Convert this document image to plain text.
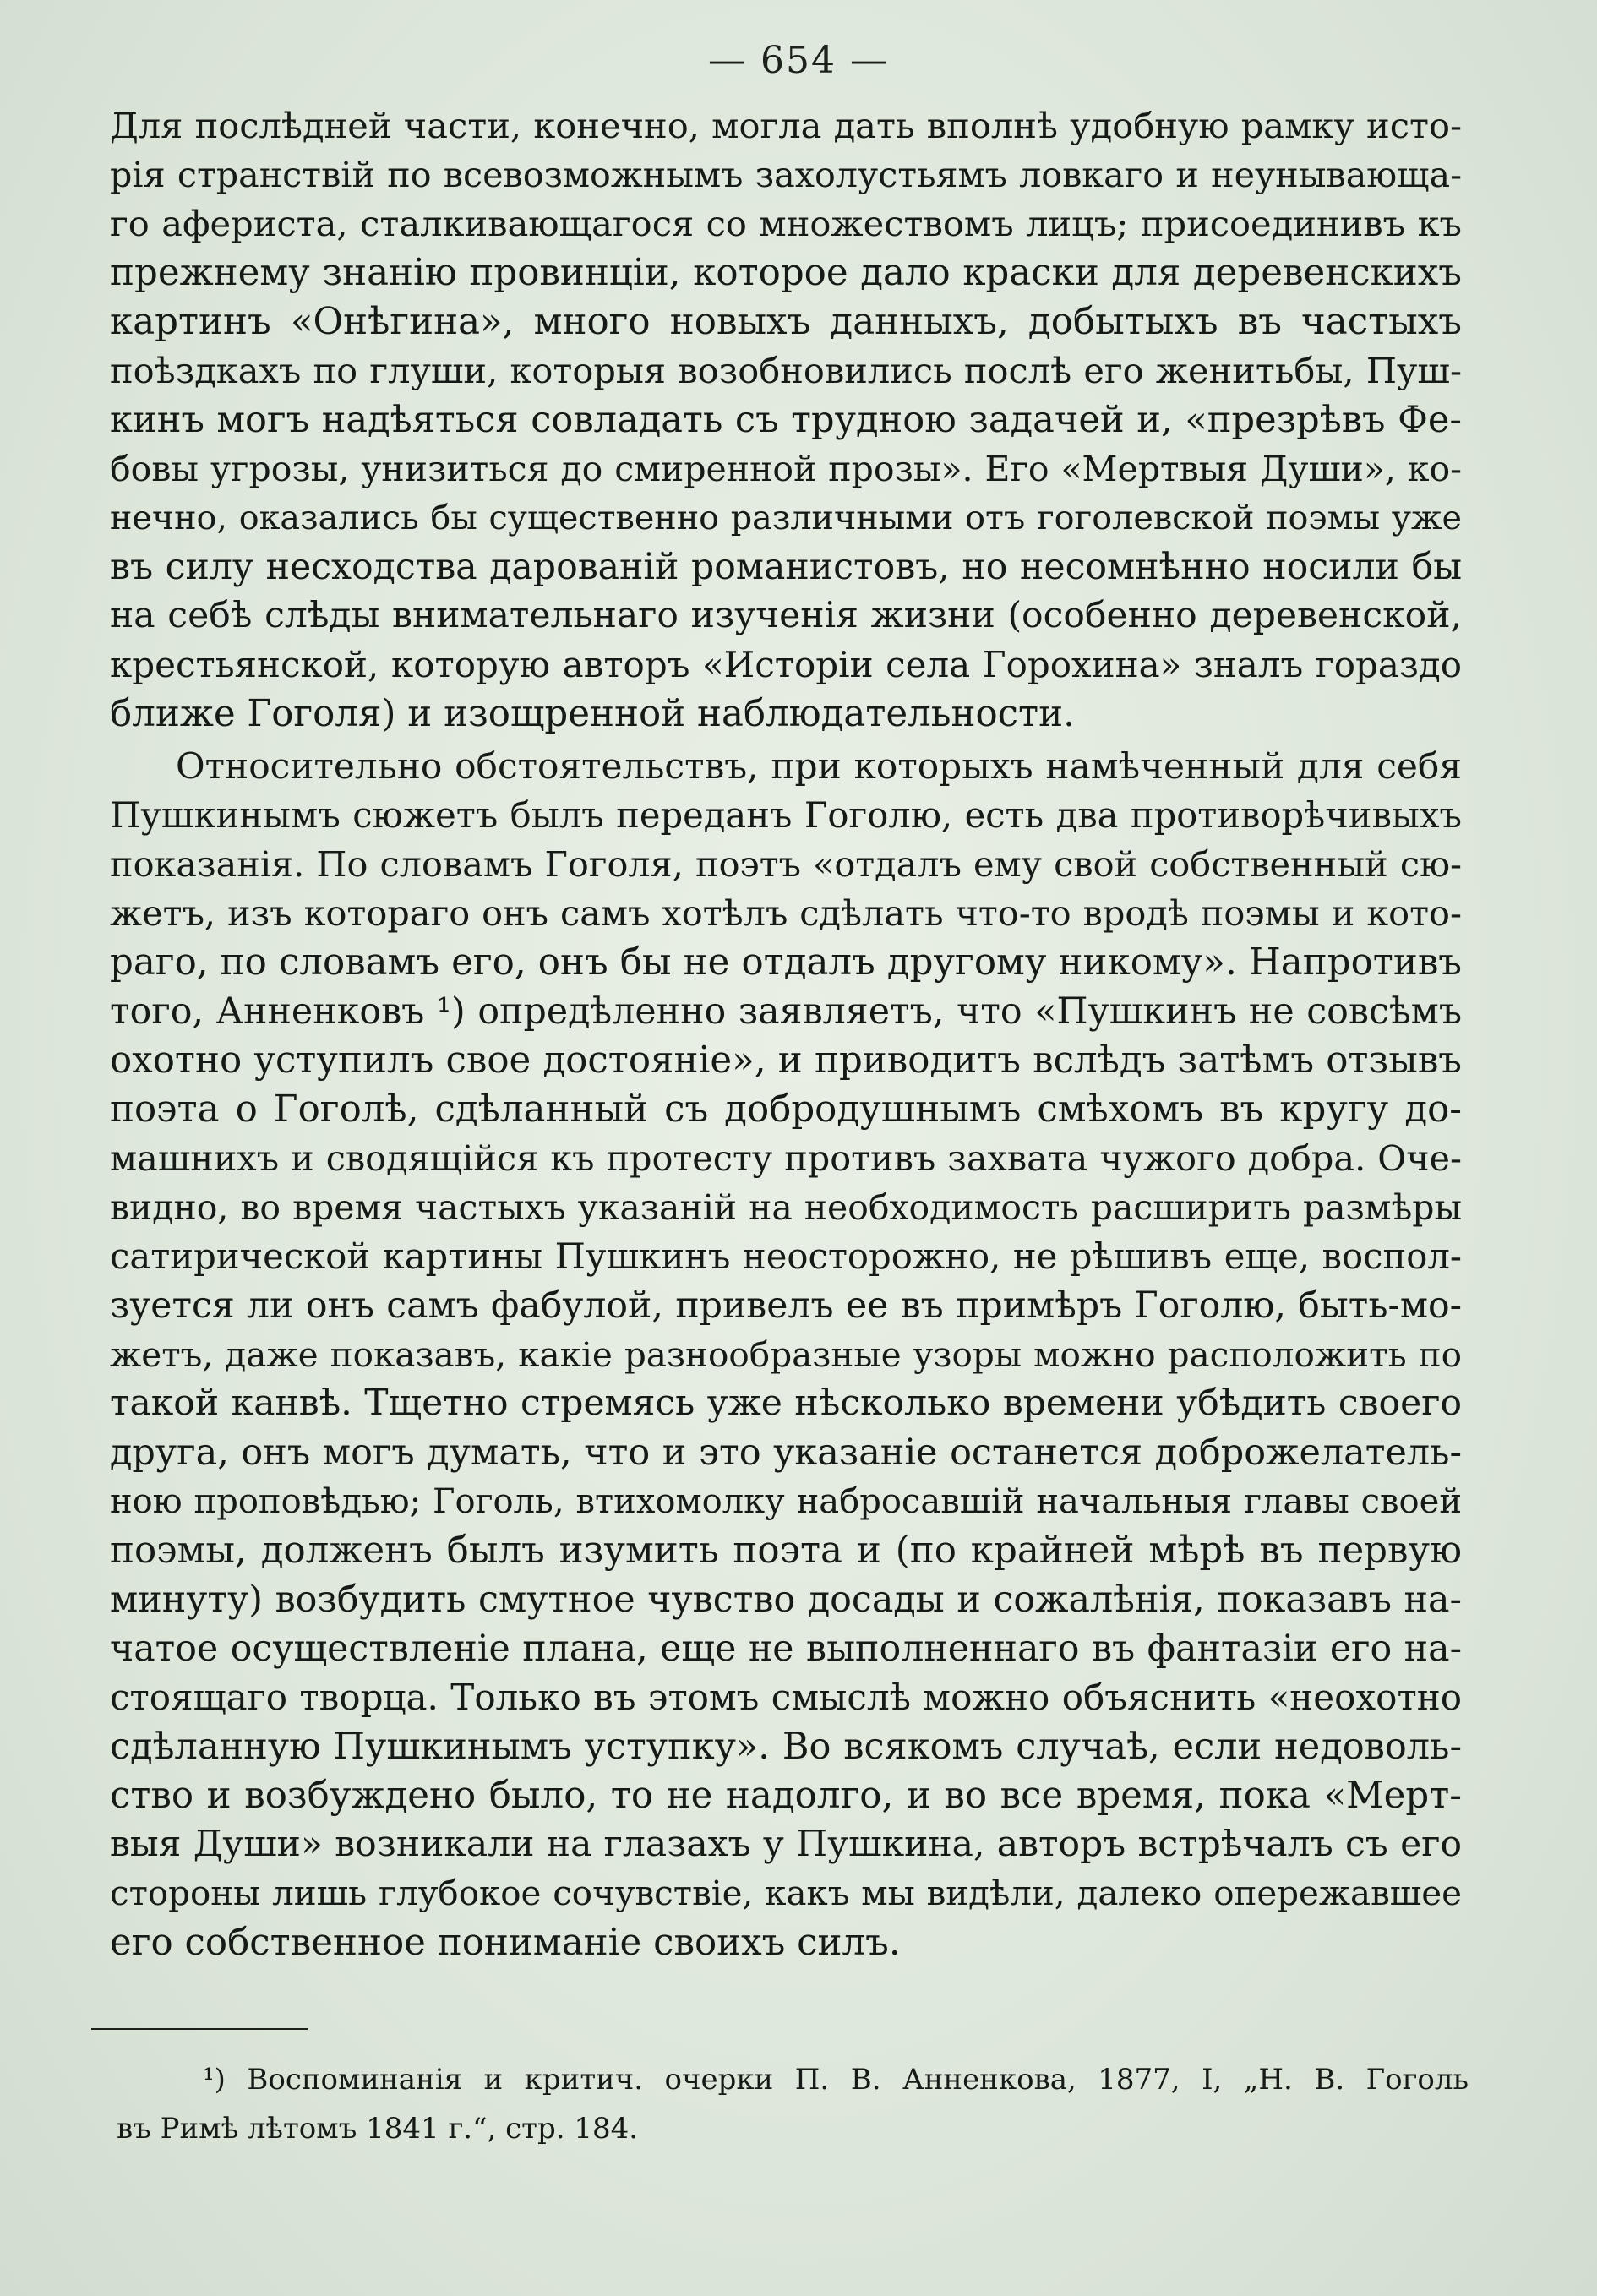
— 654 —
Для послѣдней части, конечно, могла дать вполнѣ удобную рамку исто-
рія странствій по всевозможнымъ захолустьямъ ловкаго и неунывающа-
го афериста, сталкивающагося со множествомъ лицъ; присоединивъ къ
прежнему знанію провинціи, которое дало краски для деревенскихъ
картинъ «Онѣгина», много новыхъ данныхъ, добытыхъ въ частыхъ
поѣздкахъ по глуши, которыя возобновились послѣ его женитьбы, Пуш-
кинъ могъ надѣяться совладать съ трудною задачей и, «презрѣвъ Фе-
бовы угрозы, унизиться до смиренной прозы». Его «Мертвыя Души», ко-
нечно, оказались бы существенно различными отъ гоголевской поэмы уже
въ силу несходства дарованій романистовъ, но несомнѣнно носили бы
на себѣ слѣды внимательнаго изученія жизни (особенно деревенской,
крестьянской, которую авторъ «Исторіи села Горохина» зналъ гораздо
ближе Гоголя) и изощренной наблюдательности.
Относительно обстоятельствъ, при которыхъ намѣченный для себя
Пушкинымъ сюжетъ былъ переданъ Гоголю, есть два противорѣчивыхъ
показанія. По словамъ Гоголя, поэтъ «отдалъ ему свой собственный сю-
жетъ, изъ котораго онъ самъ хотѣлъ сдѣлать что-то вродѣ поэмы и кото-
раго, по словамъ его, онъ бы не отдалъ другому никому». Напротивъ
того, Анненковъ ¹) опредѣленно заявляетъ, что «Пушкинъ не совсѣмъ
охотно уступилъ свое достояніе», и приводитъ вслѣдъ затѣмъ отзывъ
поэта о Гоголѣ, сдѣланный съ добродушнымъ смѣхомъ въ кругу до-
машнихъ и сводящійся къ протесту противъ захвата чужого добра. Оче-
видно, во время частыхъ указаній на необходимость расширить размѣры
сатирической картины Пушкинъ неосторожно, не рѣшивъ еще, воспол-
зуется ли онъ самъ фабулой, привелъ ее въ примѣръ Гоголю, быть-мо-
жетъ, даже показавъ, какіе разнообразные узоры можно расположить по
такой канвѣ. Тщетно стремясь уже нѣсколько времени убѣдить своего
друга, онъ могъ думать, что и это указаніе останется доброжелатель-
ною проповѣдью; Гоголь, втихомолку набросавшій начальныя главы своей
поэмы, долженъ былъ изумить поэта и (по крайней мѣрѣ въ первую
минуту) возбудить смутное чувство досады и сожалѣнія, показавъ на-
чатое осуществленіе плана, еще не выполненнаго въ фантазіи его на-
стоящаго творца. Только въ этомъ смыслѣ можно объяснить «неохотно
сдѣланную Пушкинымъ уступку». Во всякомъ случаѣ, если недоволь-
ство и возбуждено было, то не надолго, и во все время, пока «Мерт-
выя Души» возникали на глазахъ у Пушкина, авторъ встрѣчалъ съ его
стороны лишь глубокое сочувствіе, какъ мы видѣли, далеко опережавшее
его собственное пониманіе своихъ силъ.
¹) Воспоминанія и критич. очерки П. В. Анненкова, 1877, I, „Н. В. Гоголь
въ Римѣ лѣтомъ 1841 г.“, стр. 184.
